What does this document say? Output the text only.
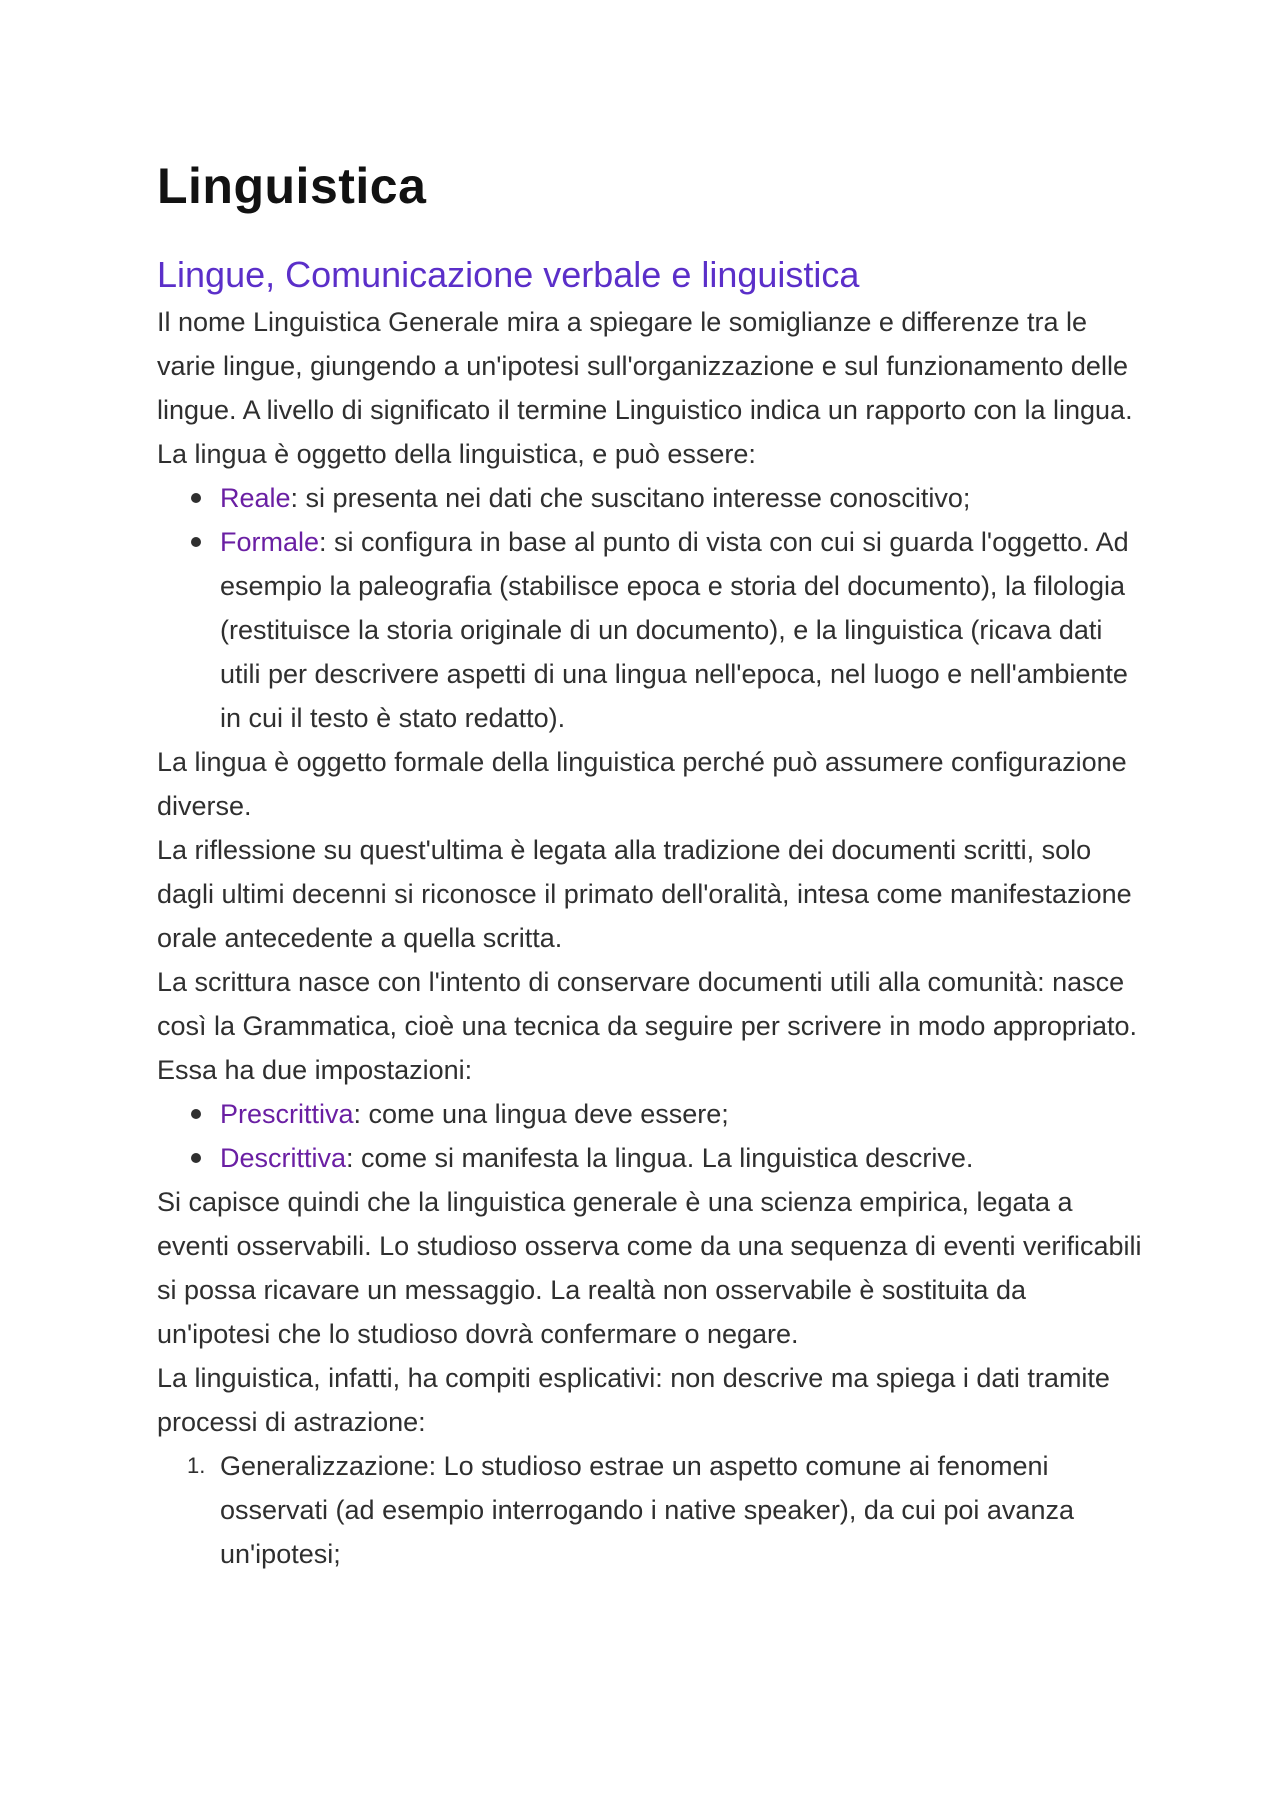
Linguistica
Lingue, Comunicazione verbale e linguistica

Il nome Linguistica Generale mira a spiegare le somiglianze e differenze tra le varie lingue, giungendo a un'ipotesi sull'organizzazione e sul funzionamento delle lingue. A livello di significato il termine Linguistico indica un rapporto con la lingua.

La lingua è oggetto della linguistica, e può essere:

Reale: si presenta nei dati che suscitano interesse conoscitivo;
Formale: si configura in base al punto di vista con cui si guarda l'oggetto. Ad esempio la paleografia (stabilisce epoca e storia del documento), la filologia (restituisce la storia originale di un documento), e la linguistica (ricava dati utili per descrivere aspetti di una lingua nell'epoca, nel luogo e nell'ambiente in cui il testo è stato redatto).

La lingua è oggetto formale della linguistica perché può assumere configurazione diverse.

La riflessione su quest'ultima è legata alla tradizione dei documenti scritti, solo dagli ultimi decenni si riconosce il primato dell'oralità, intesa come manifestazione orale antecedente a quella scritta.

La scrittura nasce con l'intento di conservare documenti utili alla comunità: nasce così la Grammatica, cioè una tecnica da seguire per scrivere in modo appropriato. Essa ha due impostazioni:

Prescrittiva: come una lingua deve essere;
Descrittiva: come si manifesta la lingua. La linguistica descrive.

Si capisce quindi che la linguistica generale è una scienza empirica, legata a eventi osservabili. Lo studioso osserva come da una sequenza di eventi verificabili si possa ricavare un messaggio. La realtà non osservabile è sostituita da un'ipotesi che lo studioso dovrà confermare o negare.

La linguistica, infatti, ha compiti esplicativi: non descrive ma spiega i dati tramite processi di astrazione:

1. Generalizzazione: Lo studioso estrae un aspetto comune ai fenomeni osservati (ad esempio interrogando i native speaker), da cui poi avanza un'ipotesi;
